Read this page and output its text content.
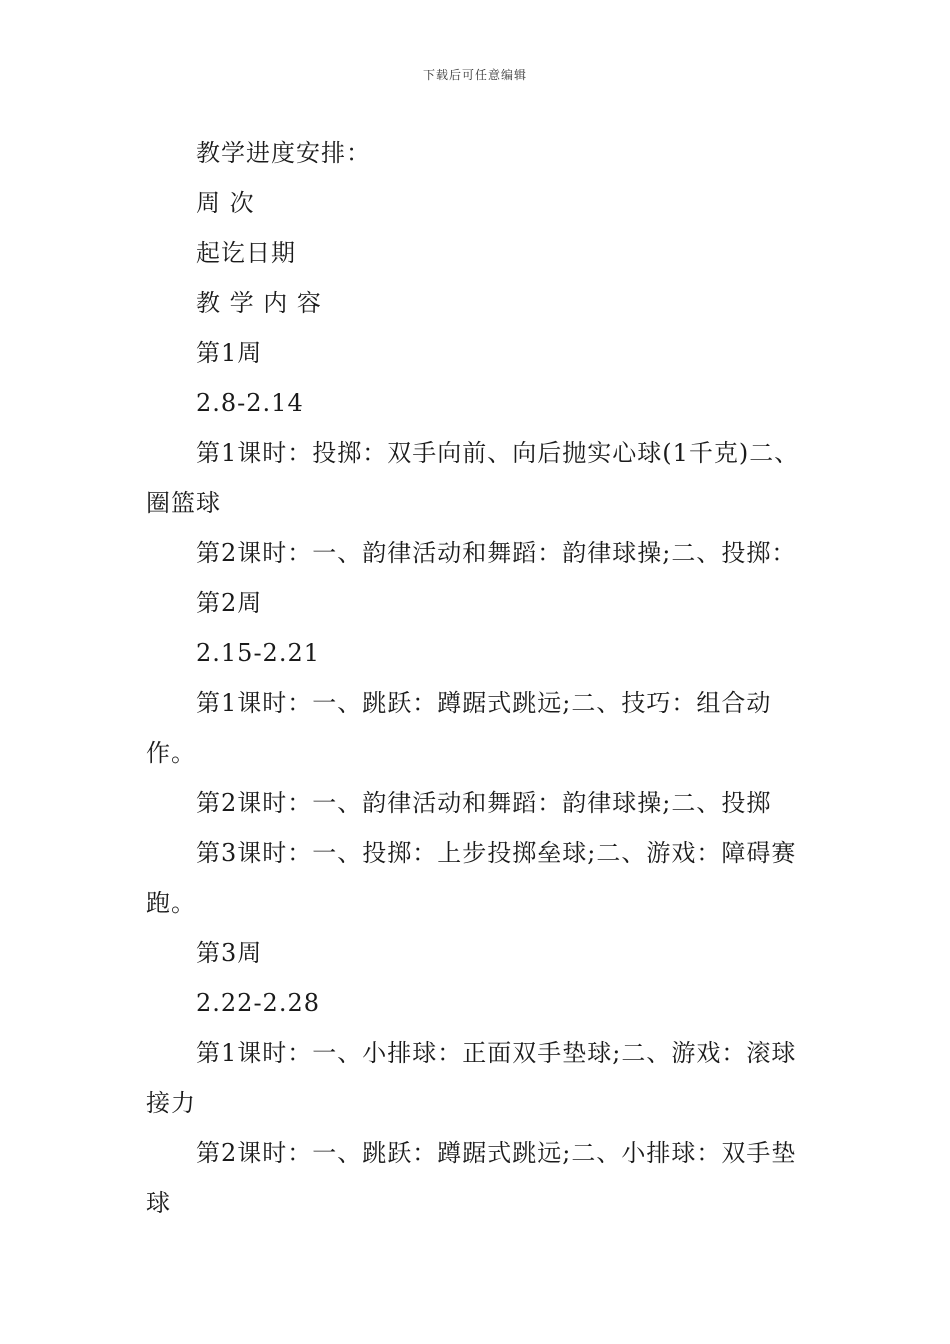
下载后可任意编辑

教学进度安排：

周 次

起讫日期

教 学 内 容

第1周

2.8-2.14

第1课时：投掷：双手向前、向后抛实心球(1千克)二、圈篮球

第2课时：一、韵律活动和舞蹈：韵律球操;二、投掷：

第2周

2.15-2.21

第1课时：一、跳跃：蹲踞式跳远;二、技巧：组合动作。

第2课时：一、韵律活动和舞蹈：韵律球操;二、投掷

第3课时：一、投掷：上步投掷垒球;二、游戏：障碍赛跑。

第3周

2.22-2.28

第1课时：一、小排球：正面双手垫球;二、游戏：滚球接力

第2课时：一、跳跃：蹲踞式跳远;二、小排球：双手垫球
